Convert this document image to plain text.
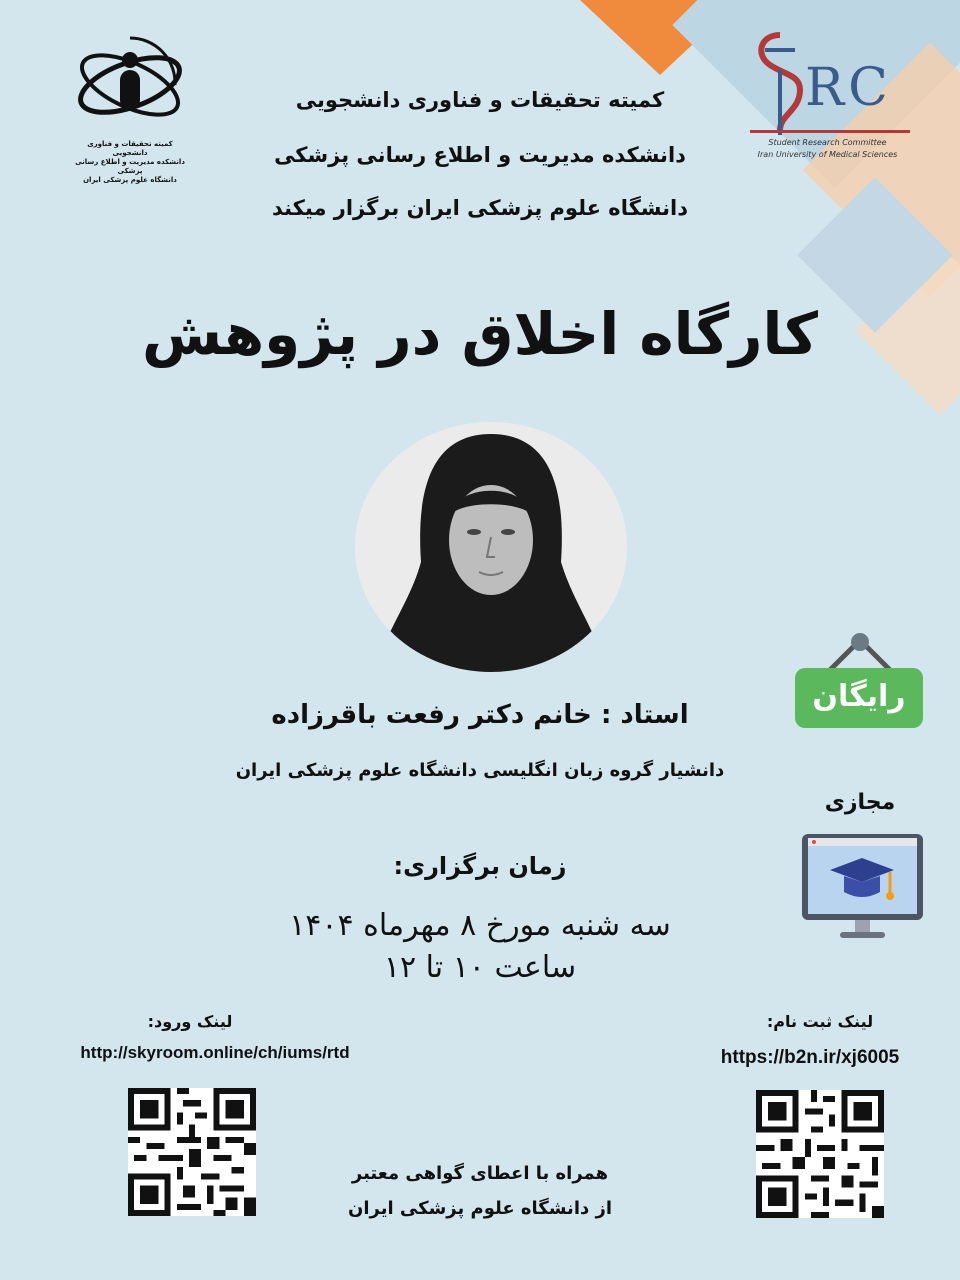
کمیته تحقیقات و فناوری دانشجویی
دانشکده مدیریت و اطلاع رسانی پزشکی
دانشگاه علوم پزشکی ایران
RC
Student Research Committee
Iran University of Medical Sciences
کمیته تحقیقات و فناوری دانشجویی
دانشکده مدیریت و اطلاع رسانی پزشکی
دانشگاه علوم پزشکی ایران برگزار میکند
کارگاه اخلاق در پژوهش
رایگان
مجازی
استاد : خانم دکتر رفعت باقرزاده
دانشیار گروه زبان انگلیسی دانشگاه علوم پزشکی ایران
زمان برگزاری:
سه شنبه مورخ ۸ مهرماه ۱۴۰۴
ساعت ۱۰ تا ۱۲
لینک ورود:
http://skyroom.online/ch/iums/rtd
لینک ثبت نام:
https://b2n.ir/xj6005
همراه با اعطای گواهی معتبر
از دانشگاه علوم پزشکی ایران
